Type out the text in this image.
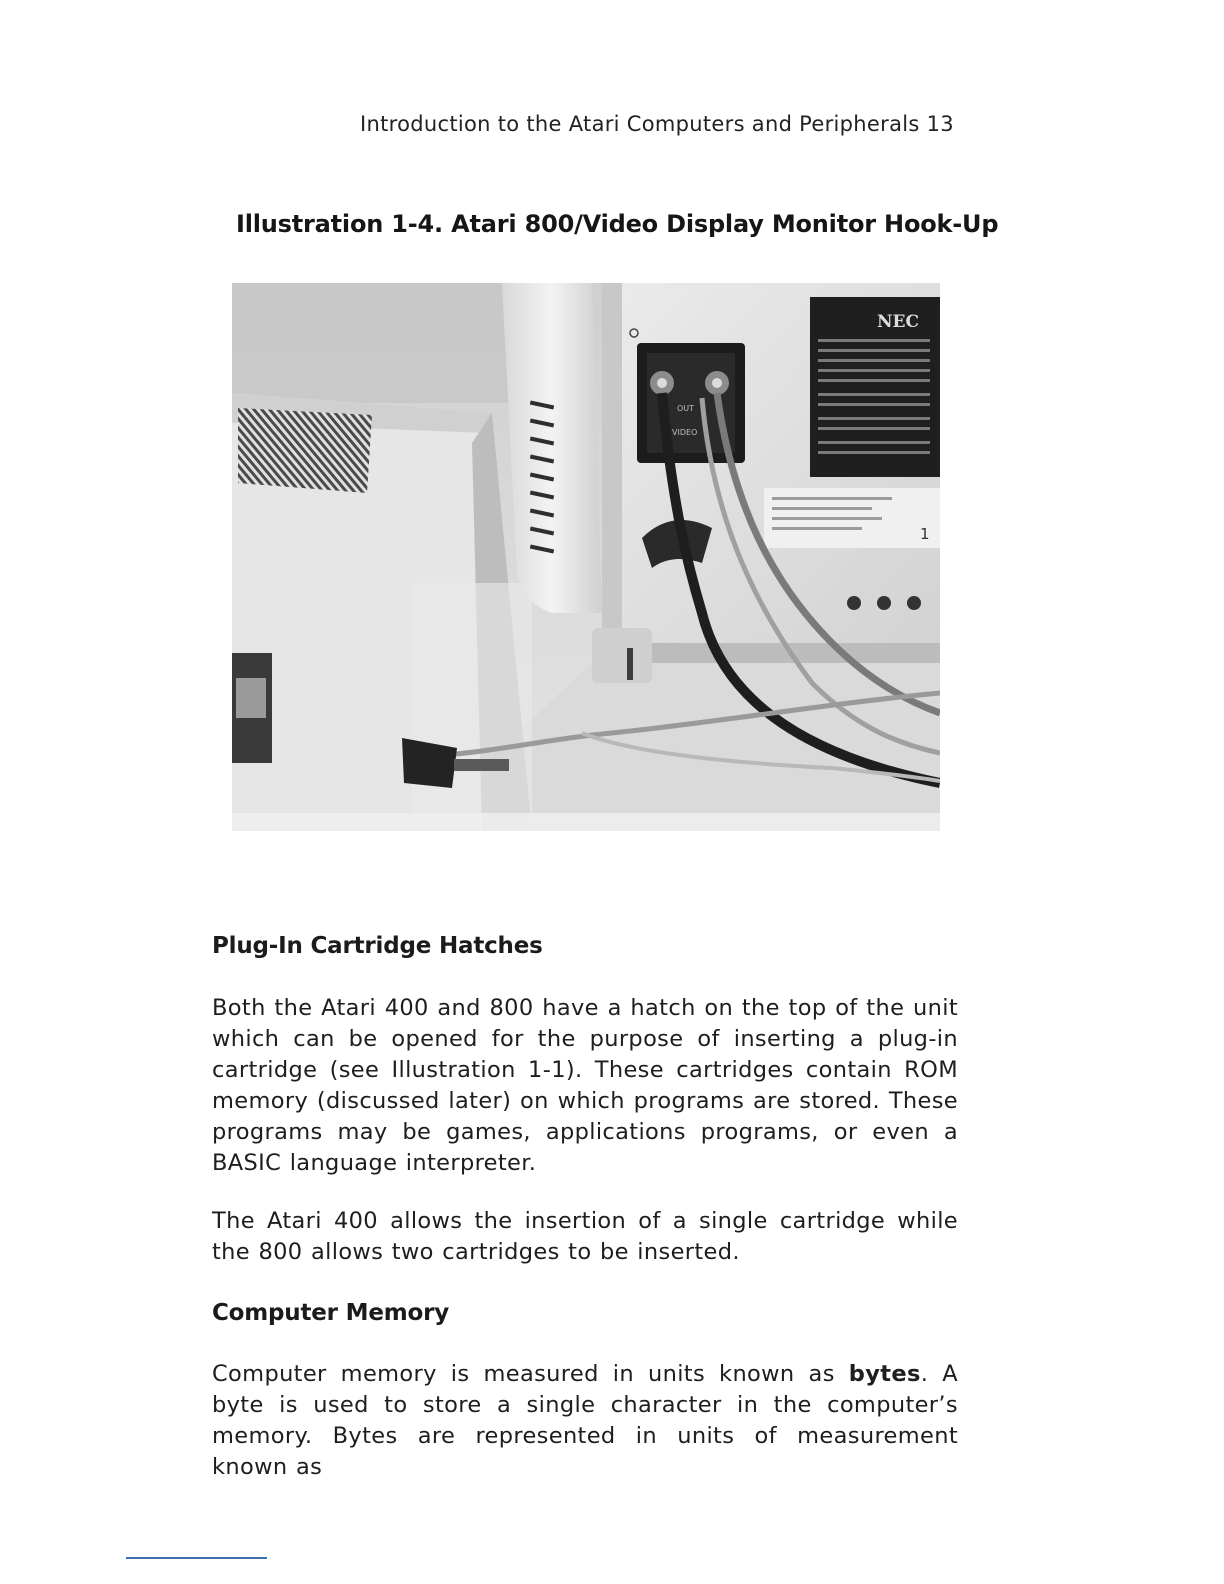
Introduction to the Atari Computers and Peripherals 13
Illustration 1-4. Atari 800/Video Display Monitor Hook-Up
OUT
VIDEO
NEC
1
Plug-In Cartridge Hatches

Both the Atari 400 and 800 have a hatch on the top of the unit which can be opened for the purpose of inserting a plug-in cartridge (see Illustration 1-1). These cartridges contain ROM memory (discussed later) on which programs are stored. These programs may be games, applications programs, or even a BASIC language interpreter.

The Atari 400 allows the insertion of a single cartridge while the 800 allows two cartridges to be inserted.

Computer Memory

Computer memory is measured in units known as bytes. A byte is used to store a single character in the computer’s memory. Bytes are represented in units of measurement known as
